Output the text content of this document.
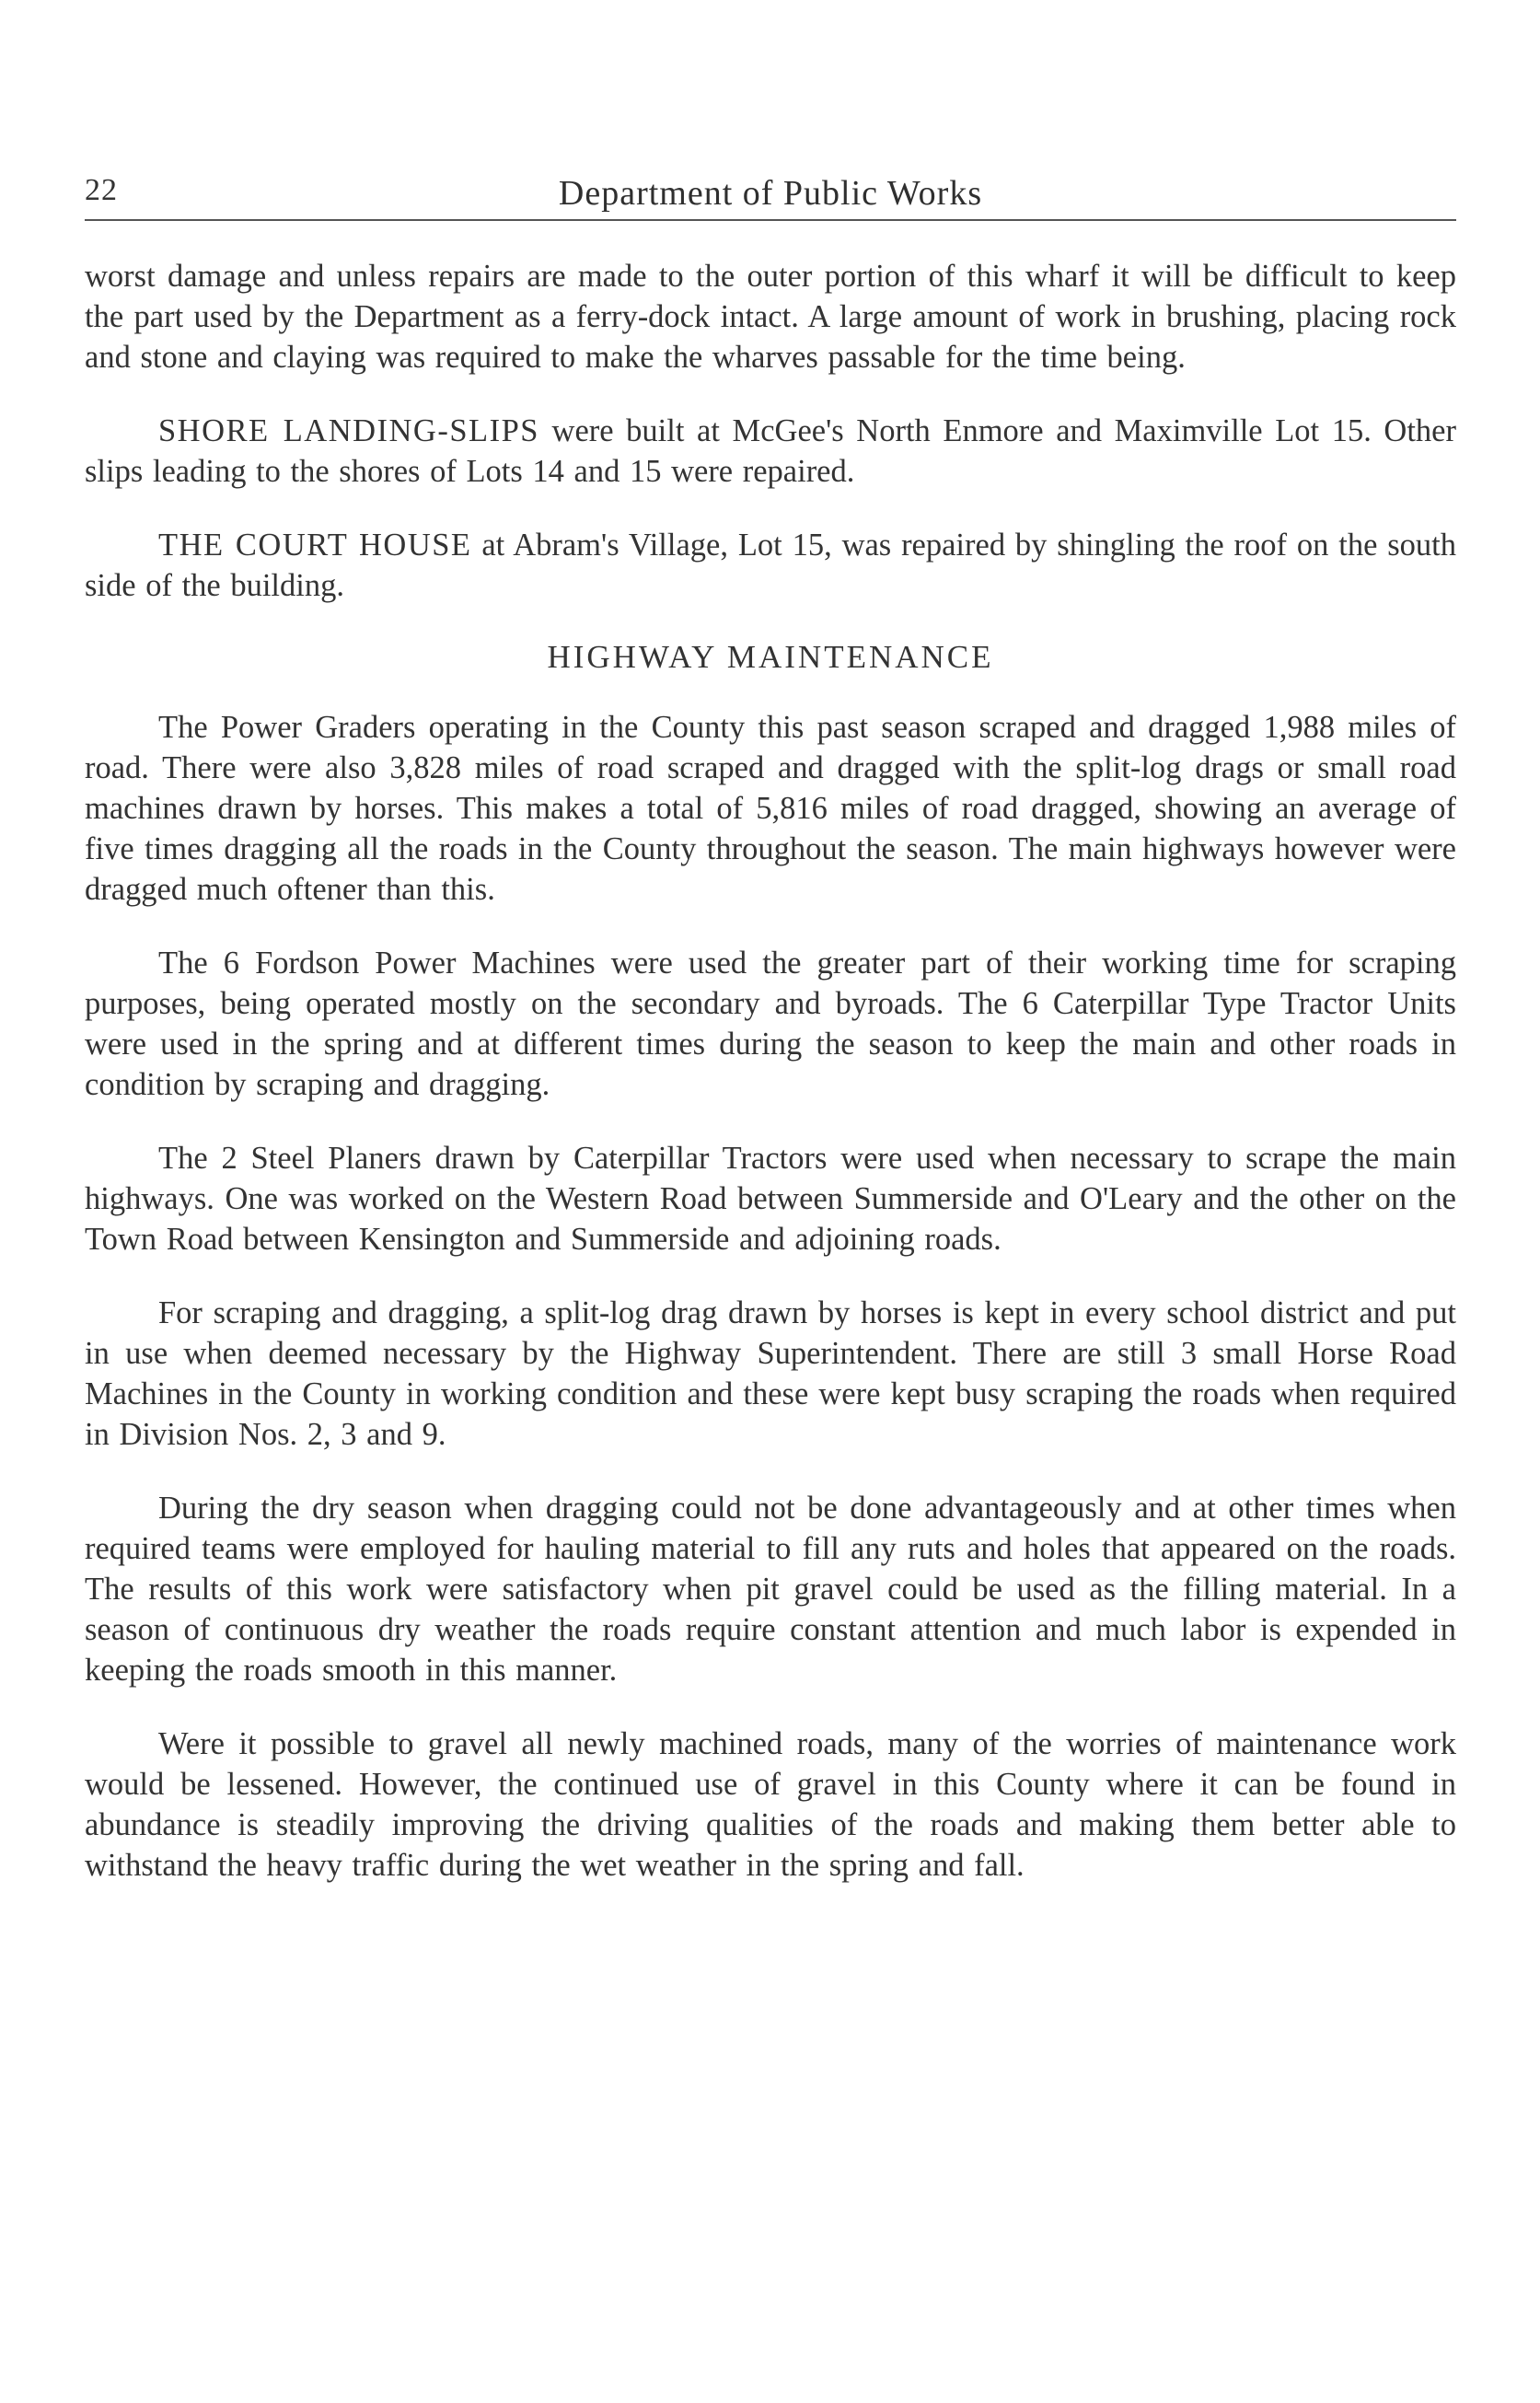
22	Department of Public Works

worst damage and unless repairs are made to the outer portion of this wharf it will be difficult to keep the part used by the Department as a ferry-dock intact. A large amount of work in brushing, placing rock and stone and claying was required to make the wharves passable for the time being.

SHORE LANDING-SLIPS were built at McGee's North Enmore and Maximville Lot 15. Other slips leading to the shores of Lots 14 and 15 were repaired.

THE COURT HOUSE at Abram's Village, Lot 15, was repaired by shingling the roof on the south side of the building.

HIGHWAY MAINTENANCE

The Power Graders operating in the County this past season scraped and dragged 1,988 miles of road. There were also 3,828 miles of road scraped and dragged with the split-log drags or small road machines drawn by horses. This makes a total of 5,816 miles of road dragged, showing an average of five times dragging all the roads in the County throughout the season. The main highways however were dragged much oftener than this.

The 6 Fordson Power Machines were used the greater part of their working time for scraping purposes, being operated mostly on the secondary and byroads. The 6 Caterpillar Type Tractor Units were used in the spring and at different times during the season to keep the main and other roads in condition by scraping and dragging.

The 2 Steel Planers drawn by Caterpillar Tractors were used when necessary to scrape the main highways. One was worked on the Western Road between Summerside and O'Leary and the other on the Town Road between Kensington and Summerside and adjoining roads.

For scraping and dragging, a split-log drag drawn by horses is kept in every school district and put in use when deemed necessary by the Highway Superintendent. There are still 3 small Horse Road Machines in the County in working condition and these were kept busy scraping the roads when required in Division Nos. 2, 3 and 9.

During the dry season when dragging could not be done advantageously and at other times when required teams were employed for hauling material to fill any ruts and holes that appeared on the roads. The results of this work were satisfactory when pit gravel could be used as the filling material. In a season of continuous dry weather the roads require constant attention and much labor is expended in keeping the roads smooth in this manner.

Were it possible to gravel all newly machined roads, many of the worries of maintenance work would be lessened. However, the continued use of gravel in this County where it can be found in abundance is steadily improving the driving qualities of the roads and making them better able to withstand the heavy traffic during the wet weather in the spring and fall.
